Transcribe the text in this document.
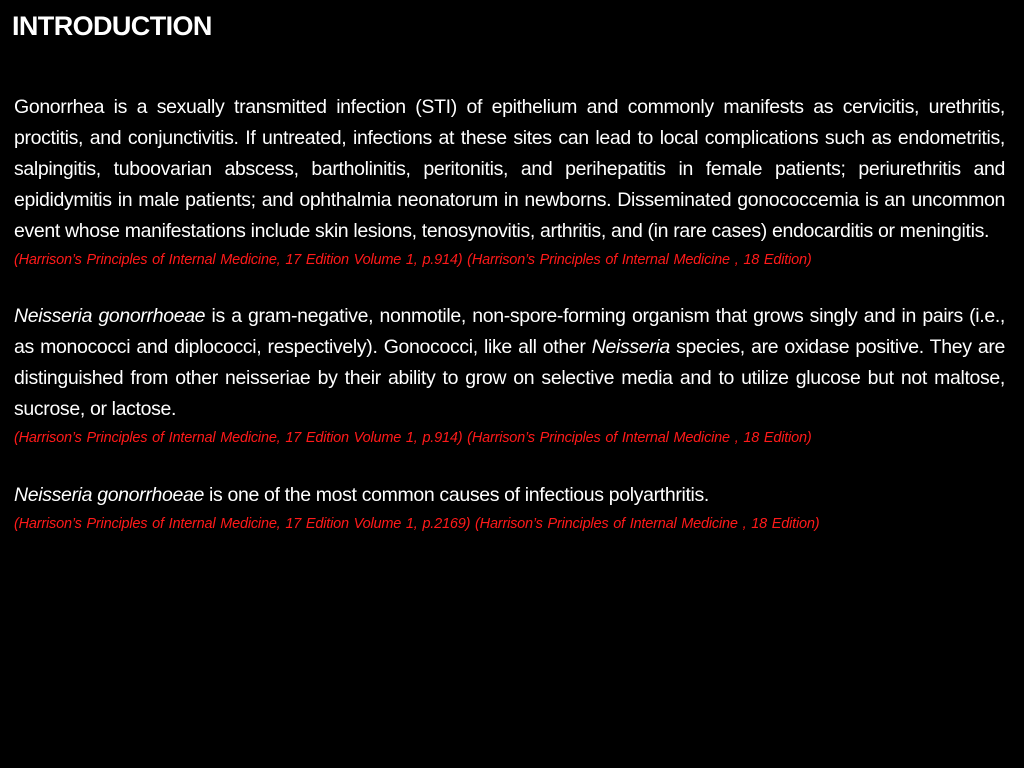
INTRODUCTION

Gonorrhea is a sexually transmitted infection (STI) of epithelium and commonly manifests as cervicitis, urethritis, proctitis, and conjunctivitis. If untreated, infections at these sites can lead to local complications such as endometritis, salpingitis, tuboovarian abscess, bartholinitis, peritonitis, and perihepatitis in female patients; periurethritis and epididymitis in male patients; and ophthalmia neonatorum in newborns. Disseminated gonococcemia is an uncommon event whose manifestations include skin lesions, tenosynovitis, arthritis, and (in rare cases) endocarditis or meningitis.

(Harrison’s Principles of Internal Medicine, 17 Edition Volume 1, p.914) (Harrison’s Principles of Internal Medicine , 18 Edition)

Neisseria gonorrhoeae is a gram-negative, nonmotile, non-spore-forming organism that grows singly and in pairs (i.e., as monococci and diplococci, respectively). Gonococci, like all other Neisseria species, are oxidase positive. They are distinguished from other neisseriae by their ability to grow on selective media and to utilize glucose but not maltose, sucrose, or lactose.

(Harrison’s Principles of Internal Medicine, 17 Edition Volume 1, p.914) (Harrison’s Principles of Internal Medicine , 18 Edition)

Neisseria gonorrhoeae is one of the most common causes of infectious polyarthritis.

(Harrison’s Principles of Internal Medicine, 17 Edition Volume 1, p.2169) (Harrison’s Principles of Internal Medicine , 18 Edition)
